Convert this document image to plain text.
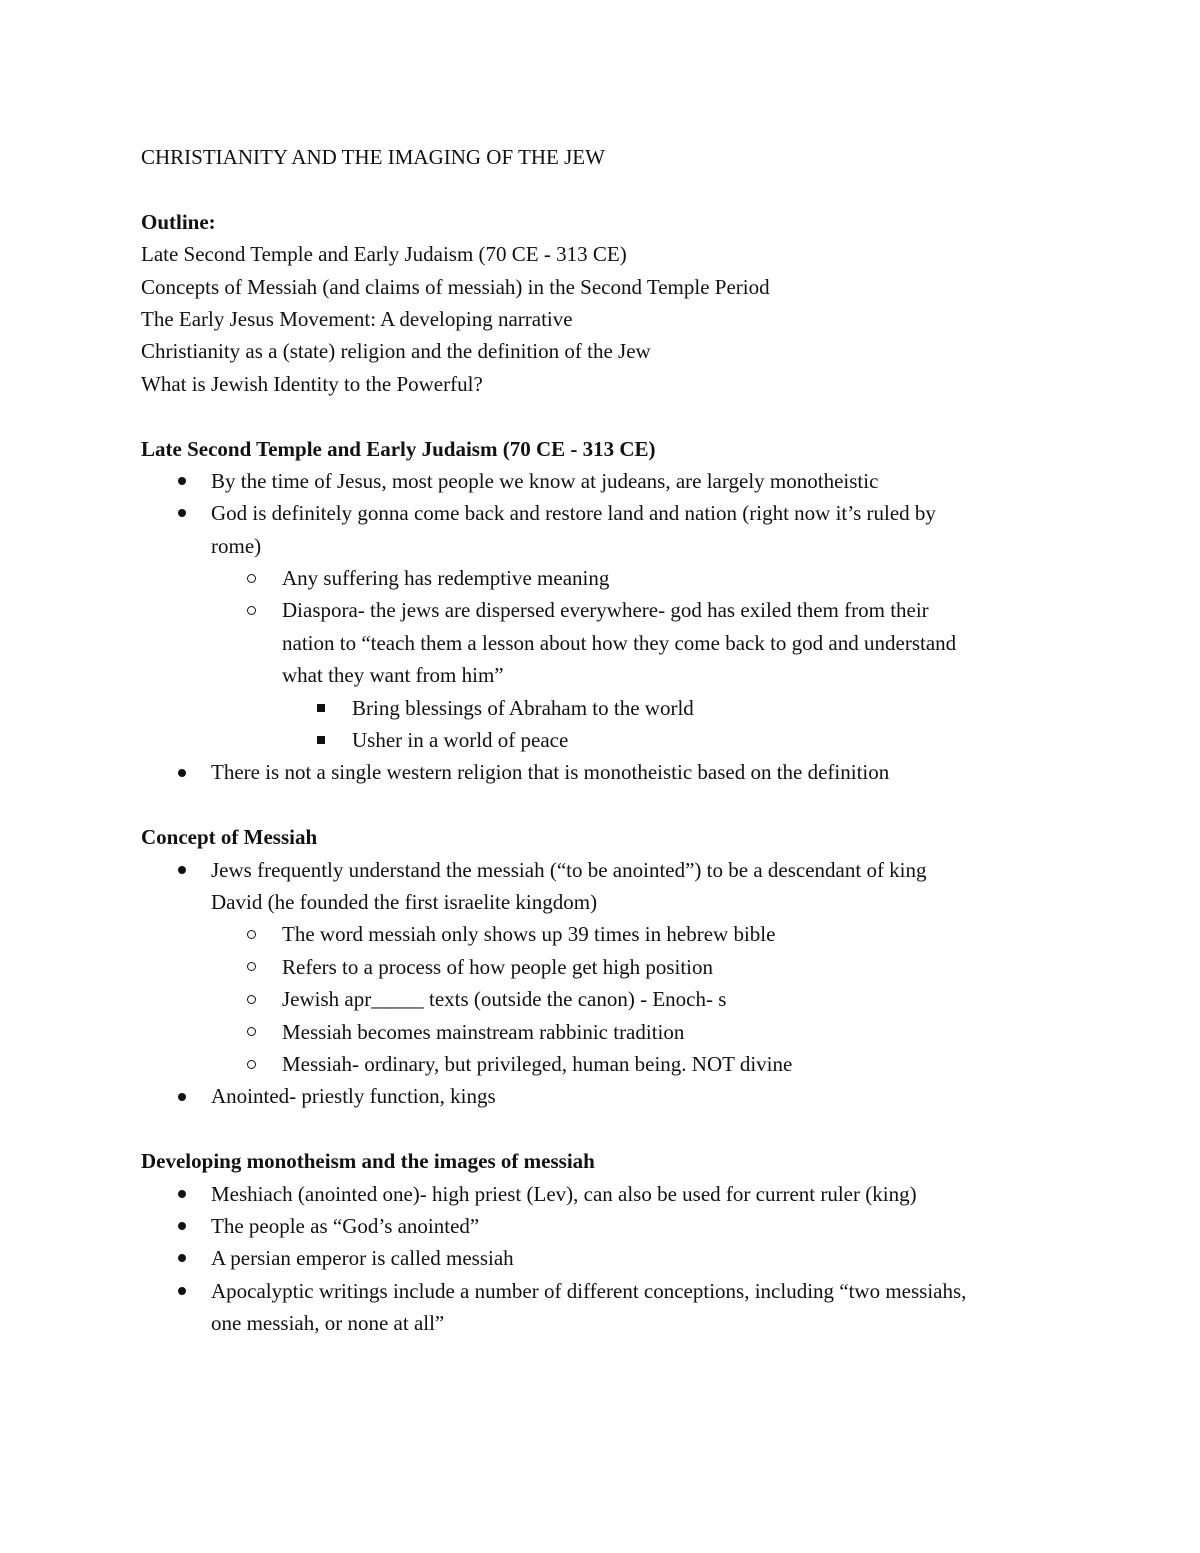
CHRISTIANITY AND THE IMAGING OF THE JEW
Outline:
Late Second Temple and Early Judaism (70 CE - 313 CE)
Concepts of Messiah (and claims of messiah) in the Second Temple Period
The Early Jesus Movement: A developing narrative
Christianity as a (state) religion and the definition of the Jew
What is Jewish Identity to the Powerful?
Late Second Temple and Early Judaism (70 CE - 313 CE)
By the time of Jesus, most people we know at judeans, are largely monotheistic
God is definitely gonna come back and restore land and nation (right now it’s ruled by
rome)
Any suffering has redemptive meaning
Diaspora- the jews are dispersed everywhere- god has exiled them from their
nation to “teach them a lesson about how they come back to god and understand
what they want from him”
Bring blessings of Abraham to the world
Usher in a world of peace
There is not a single western religion that is monotheistic based on the definition
Concept of Messiah
Jews frequently understand the messiah (“to be anointed”) to be a descendant of king
David (he founded the first israelite kingdom)
The word messiah only shows up 39 times in hebrew bible
Refers to a process of how people get high position
Jewish apr_____ texts (outside the canon) - Enoch- s
Messiah becomes mainstream rabbinic tradition
Messiah- ordinary, but privileged, human being. NOT divine
Anointed- priestly function, kings
Developing monotheism and the images of messiah
Meshiach (anointed one)- high priest (Lev), can also be used for current ruler (king)
The people as “God’s anointed”
A persian emperor is called messiah
Apocalyptic writings include a number of different conceptions, including “two messiahs,
one messiah, or none at all”
